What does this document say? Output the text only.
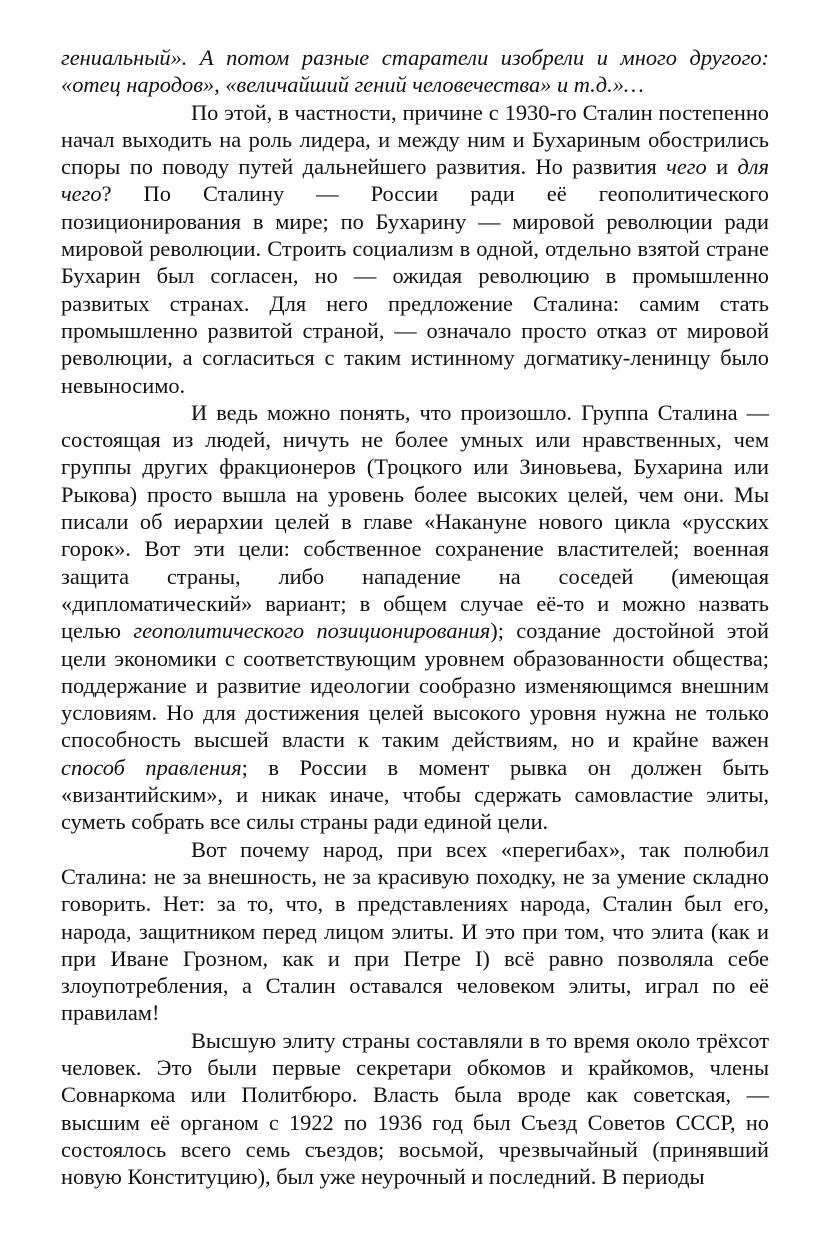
гениальный». А потом разные старатели изобрели и много другого: «отец народов», «величайший гений человечества» и т.д.»…

По этой, в частности, причине с 1930-го Сталин постепенно начал выходить на роль лидера, и между ним и Бухариным обострились споры по поводу путей дальнейшего развития. Но развития чего и для чего? По Сталину — России ради её геополитического позиционирования в мире; по Бухарину — мировой революции ради мировой революции. Строить социализм в одной, отдельно взятой стране Бухарин был согласен, но — ожидая революцию в промышленно развитых странах. Для него предложение Сталина: самим стать промышленно развитой страной, — означало просто отказ от мировой революции, а согласиться с таким истинному догматику-ленинцу было невыносимо.

И ведь можно понять, что произошло. Группа Сталина — состоящая из людей, ничуть не более умных или нравственных, чем группы других фракционеров (Троцкого или Зиновьева, Бухарина или Рыкова) просто вышла на уровень более высоких целей, чем они. Мы писали об иерархии целей в главе «Накануне нового цикла «русских горок». Вот эти цели: собственное сохранение властителей; военная защита страны, либо нападение на соседей (имеющая «дипломатический» вариант; в общем случае её-то и можно назвать целью геополитического позиционирования); создание достойной этой цели экономики с соответствующим уровнем образованности общества; поддержание и развитие идеологии сообразно изменяющимся внешним условиям. Но для достижения целей высокого уровня нужна не только способность высшей власти к таким действиям, но и крайне важен способ правления; в России в момент рывка он должен быть «византийским», и никак иначе, чтобы сдержать самовластие элиты, суметь собрать все силы страны ради единой цели.

Вот почему народ, при всех «перегибах», так полюбил Сталина: не за внешность, не за красивую походку, не за умение складно говорить. Нет: за то, что, в представлениях народа, Сталин был его, народа, защитником перед лицом элиты. И это при том, что элита (как и при Иване Грозном, как и при Петре I) всё равно позволяла себе злоупотребления, а Сталин оставался человеком элиты, играл по её правилам!

Высшую элиту страны составляли в то время около трёхсот человек. Это были первые секретари обкомов и крайкомов, члены Совнаркома или Политбюро. Власть была вроде как советская, — высшим её органом с 1922 по 1936 год был Съезд Советов СССР, но состоялось всего семь съездов; восьмой, чрезвычайный (принявший новую Конституцию), был уже неурочный и последний. В периоды
